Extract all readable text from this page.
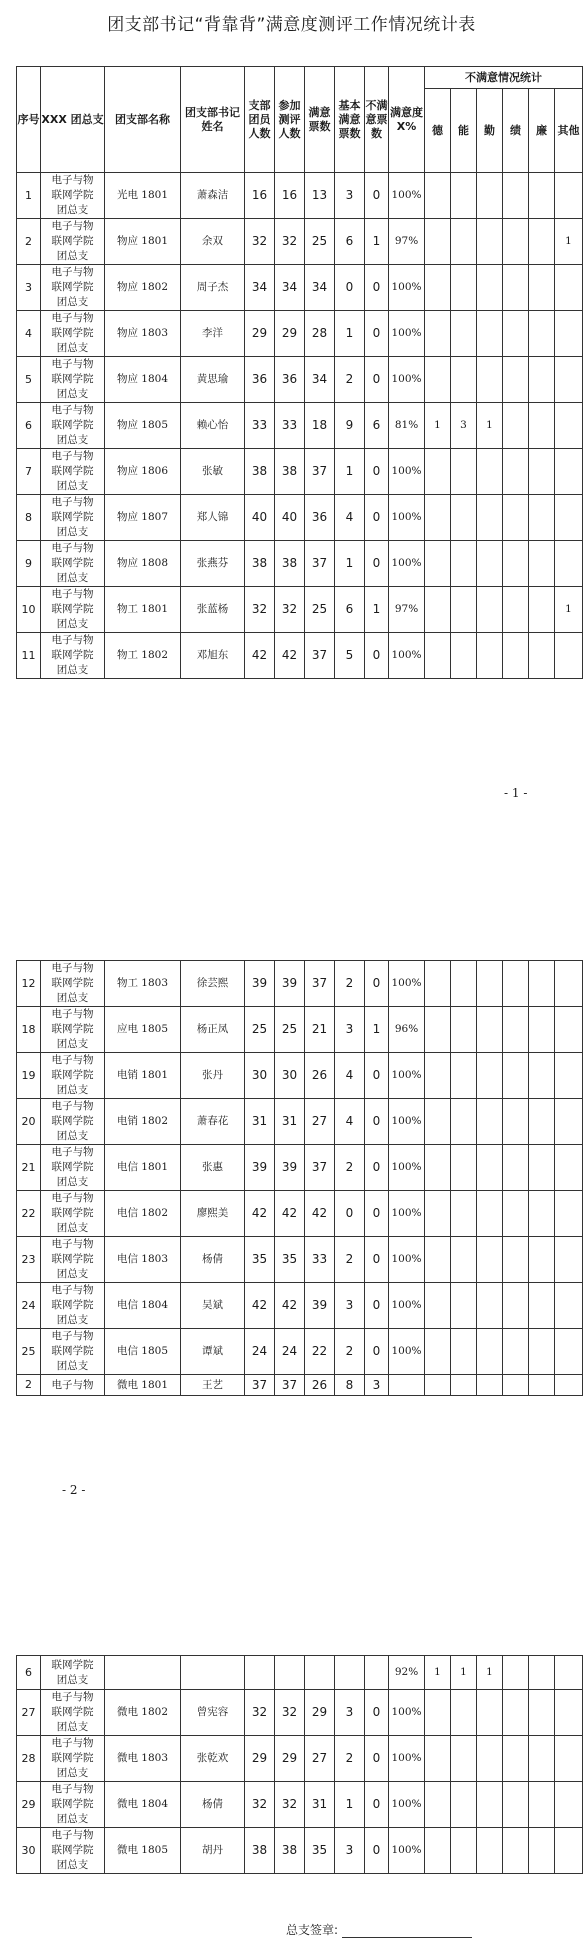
团支部书记“背靠背”满意度测评工作情况统计表
序号	XXX 团总支	团支部名称	团支部书记姓名	支部团员人数	参加测评人数	满意票数	基本满意票数	不满意票数	满意度X%	不满意情况统计					
										德	能	勤	绩	廉	其他
1	电子与物
联网学院
团总支	光电 1801	萧森洁	16	16	13	3	0	100%						
2	电子与物
联网学院
团总支	物应 1801	余双	32	32	25	6	1	97%						1
3	电子与物
联网学院
团总支	物应 1802	周子杰	34	34	34	0	0	100%						
4	电子与物
联网学院
团总支	物应 1803	李洋	29	29	28	1	0	100%						
5	电子与物
联网学院
团总支	物应 1804	黄思瑜	36	36	34	2	0	100%						
6	电子与物
联网学院
团总支	物应 1805	赖心怡	33	33	18	9	6	81%	1	3	1			
7	电子与物
联网学院
团总支	物应 1806	张敏	38	38	37	1	0	100%						
8	电子与物
联网学院
团总支	物应 1807	郑人锦	40	40	36	4	0	100%						
9	电子与物
联网学院
团总支	物应 1808	张燕芬	38	38	37	1	0	100%						
10	电子与物
联网学院
团总支	物工 1801	张蓝杨	32	32	25	6	1	97%						1
11	电子与物
联网学院
团总支	物工 1802	邓旭东	42	42	37	5	0	100%						
- 1 -
12	电子与物
联网学院
团总支	物工 1803	徐芸熙	39	39	37	2	0	100%						
18	电子与物
联网学院
团总支	应电 1805	杨正凤	25	25	21	3	1	96%						
19	电子与物
联网学院
团总支	电销 1801	张丹	30	30	26	4	0	100%						
20	电子与物
联网学院
团总支	电销 1802	萧春花	31	31	27	4	0	100%						
21	电子与物
联网学院
团总支	电信 1801	张惠	39	39	37	2	0	100%						
22	电子与物
联网学院
团总支	电信 1802	廖熙美	42	42	42	0	0	100%						
23	电子与物
联网学院
团总支	电信 1803	杨倩	35	35	33	2	0	100%						
24	电子与物
联网学院
团总支	电信 1804	吴斌	42	42	39	3	0	100%						
25	电子与物
联网学院
团总支	电信 1805	谭斌	24	24	22	2	0	100%						
2	电子与物	微电 1801	王艺	37	37	26	8	3							
- 2 -
6	联网学院
团总支								92%	1	1	1			
27	电子与物
联网学院
团总支	微电 1802	曾宪容	32	32	29	3	0	100%						
28	电子与物
联网学院
团总支	微电 1803	张乾欢	29	29	27	2	0	100%						
29	电子与物
联网学院
团总支	微电 1804	杨倩	32	32	31	1	0	100%						
30	电子与物
联网学院
团总支	微电 1805	胡丹	38	38	35	3	0	100%						
总支签章:
